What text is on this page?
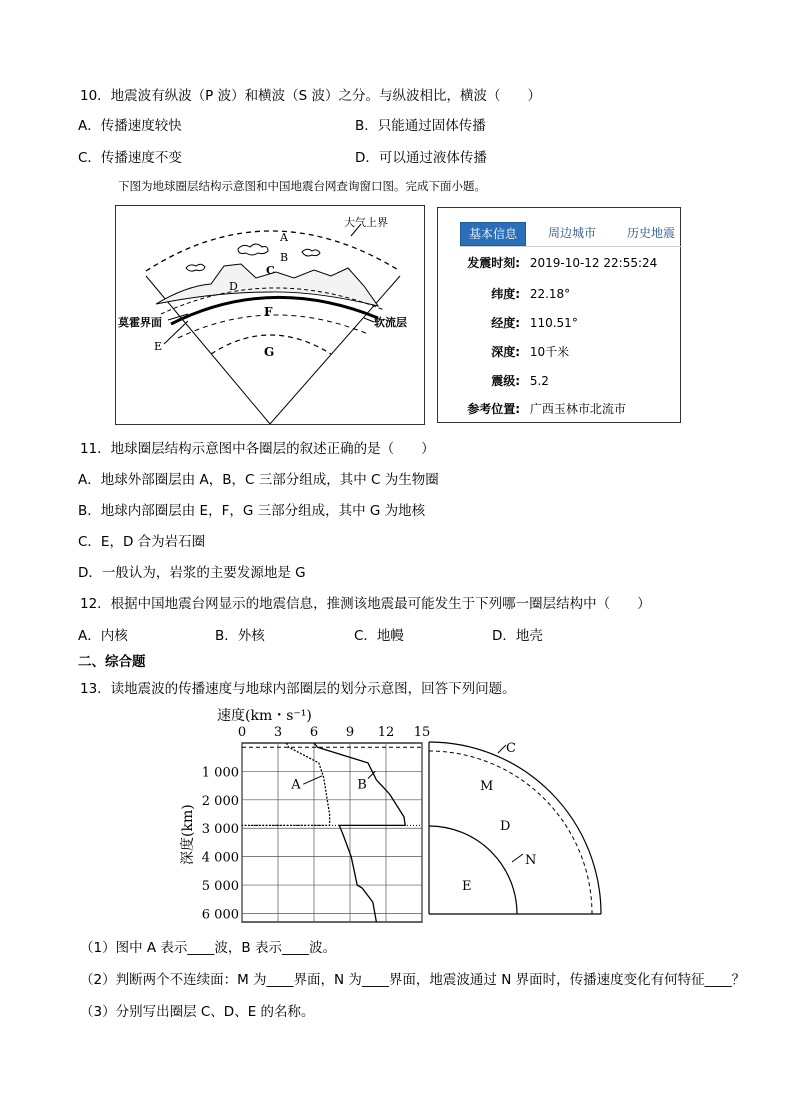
10．地震波有纵波（P 波）和横波（S 波）之分。与纵波相比，横波（　　）
A．传播速度较快	B．只能通过固体传播
C．传播速度不变	D．可以通过液体传播
下图为地球圈层结构示意图和中国地震台网查询窗口图。完成下面小题。
大气上界
A
B
C
D
莫霍界面
E
F
G
软流层
基本信息	周边城市	历史地震
发震时刻: 2019-10-12 22:55:24
纬度: 22.18°
经度: 110.51°
深度: 10千米
震级: 5.2
参考位置: 广西玉林市北流市
11．地球圈层结构示意图中各圈层的叙述正确的是（　　）
A．地球外部圈层由 A，B，C 三部分组成，其中 C 为生物圈
B．地球内部圈层由 E，F，G 三部分组成，其中 G 为地核
C．E，D 合为岩石圈
D．一般认为，岩浆的主要发源地是 G
12．根据中国地震台网显示的地震信息，推测该地震最可能发生于下列哪一圈层结构中（　　）
A．内核	B．外核	C．地幔	D．地壳
二、综合题
13．读地震波的传播速度与地球内部圈层的划分示意图，回答下列问题。
速度(km・s⁻¹)
深度(km)
0 3 6 9 12 15
1 000
2 000
3 000
4 000
5 000
6 000
C
M
D
N
E
A	B
（1）图中 A 表示____波，B 表示____波。
（2）判断两个不连续面：M 为____界面，N 为____界面，地震波通过 N 界面时，传播速度变化有何特征____？
（3）分别写出圈层 C、D、E 的名称。
